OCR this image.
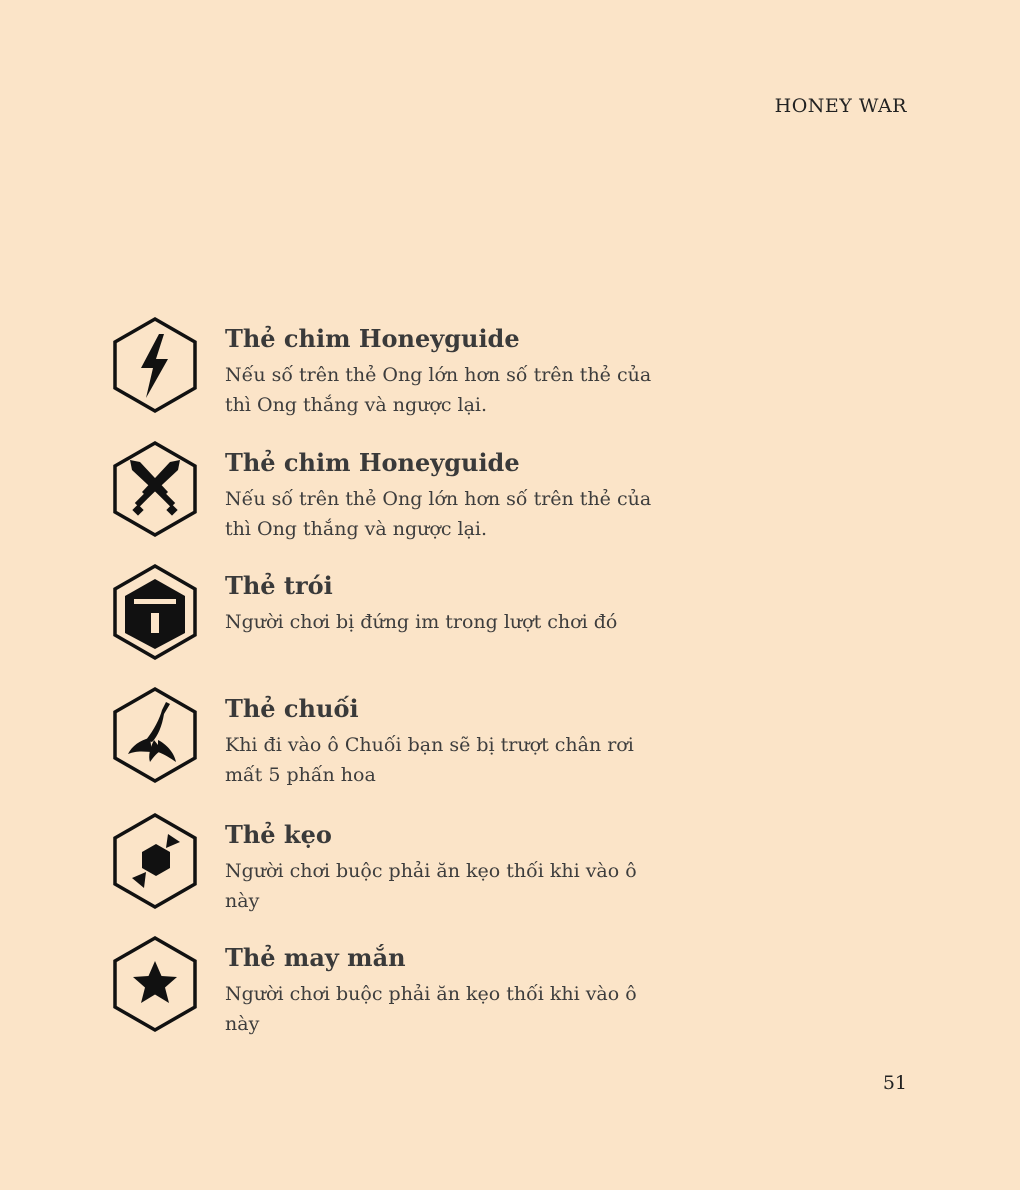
HONEY WAR
Thẻ chim Honeyguide
Nếu số trên thẻ Ong lớn hơn số trên thẻ của
thì Ong thắng và ngược lại.
Thẻ chim Honeyguide
Nếu số trên thẻ Ong lớn hơn số trên thẻ của
thì Ong thắng và ngược lại.
Thẻ trói
Người chơi bị đứng im trong lượt chơi đó
Thẻ chuối
Khi đi vào ô Chuối bạn sẽ bị trượt chân rơi
mất 5 phấn hoa
Thẻ kẹo
Người chơi buộc phải ăn kẹo thối khi vào ô
này
Thẻ may mắn
Người chơi buộc phải ăn kẹo thối khi vào ô
này
51
